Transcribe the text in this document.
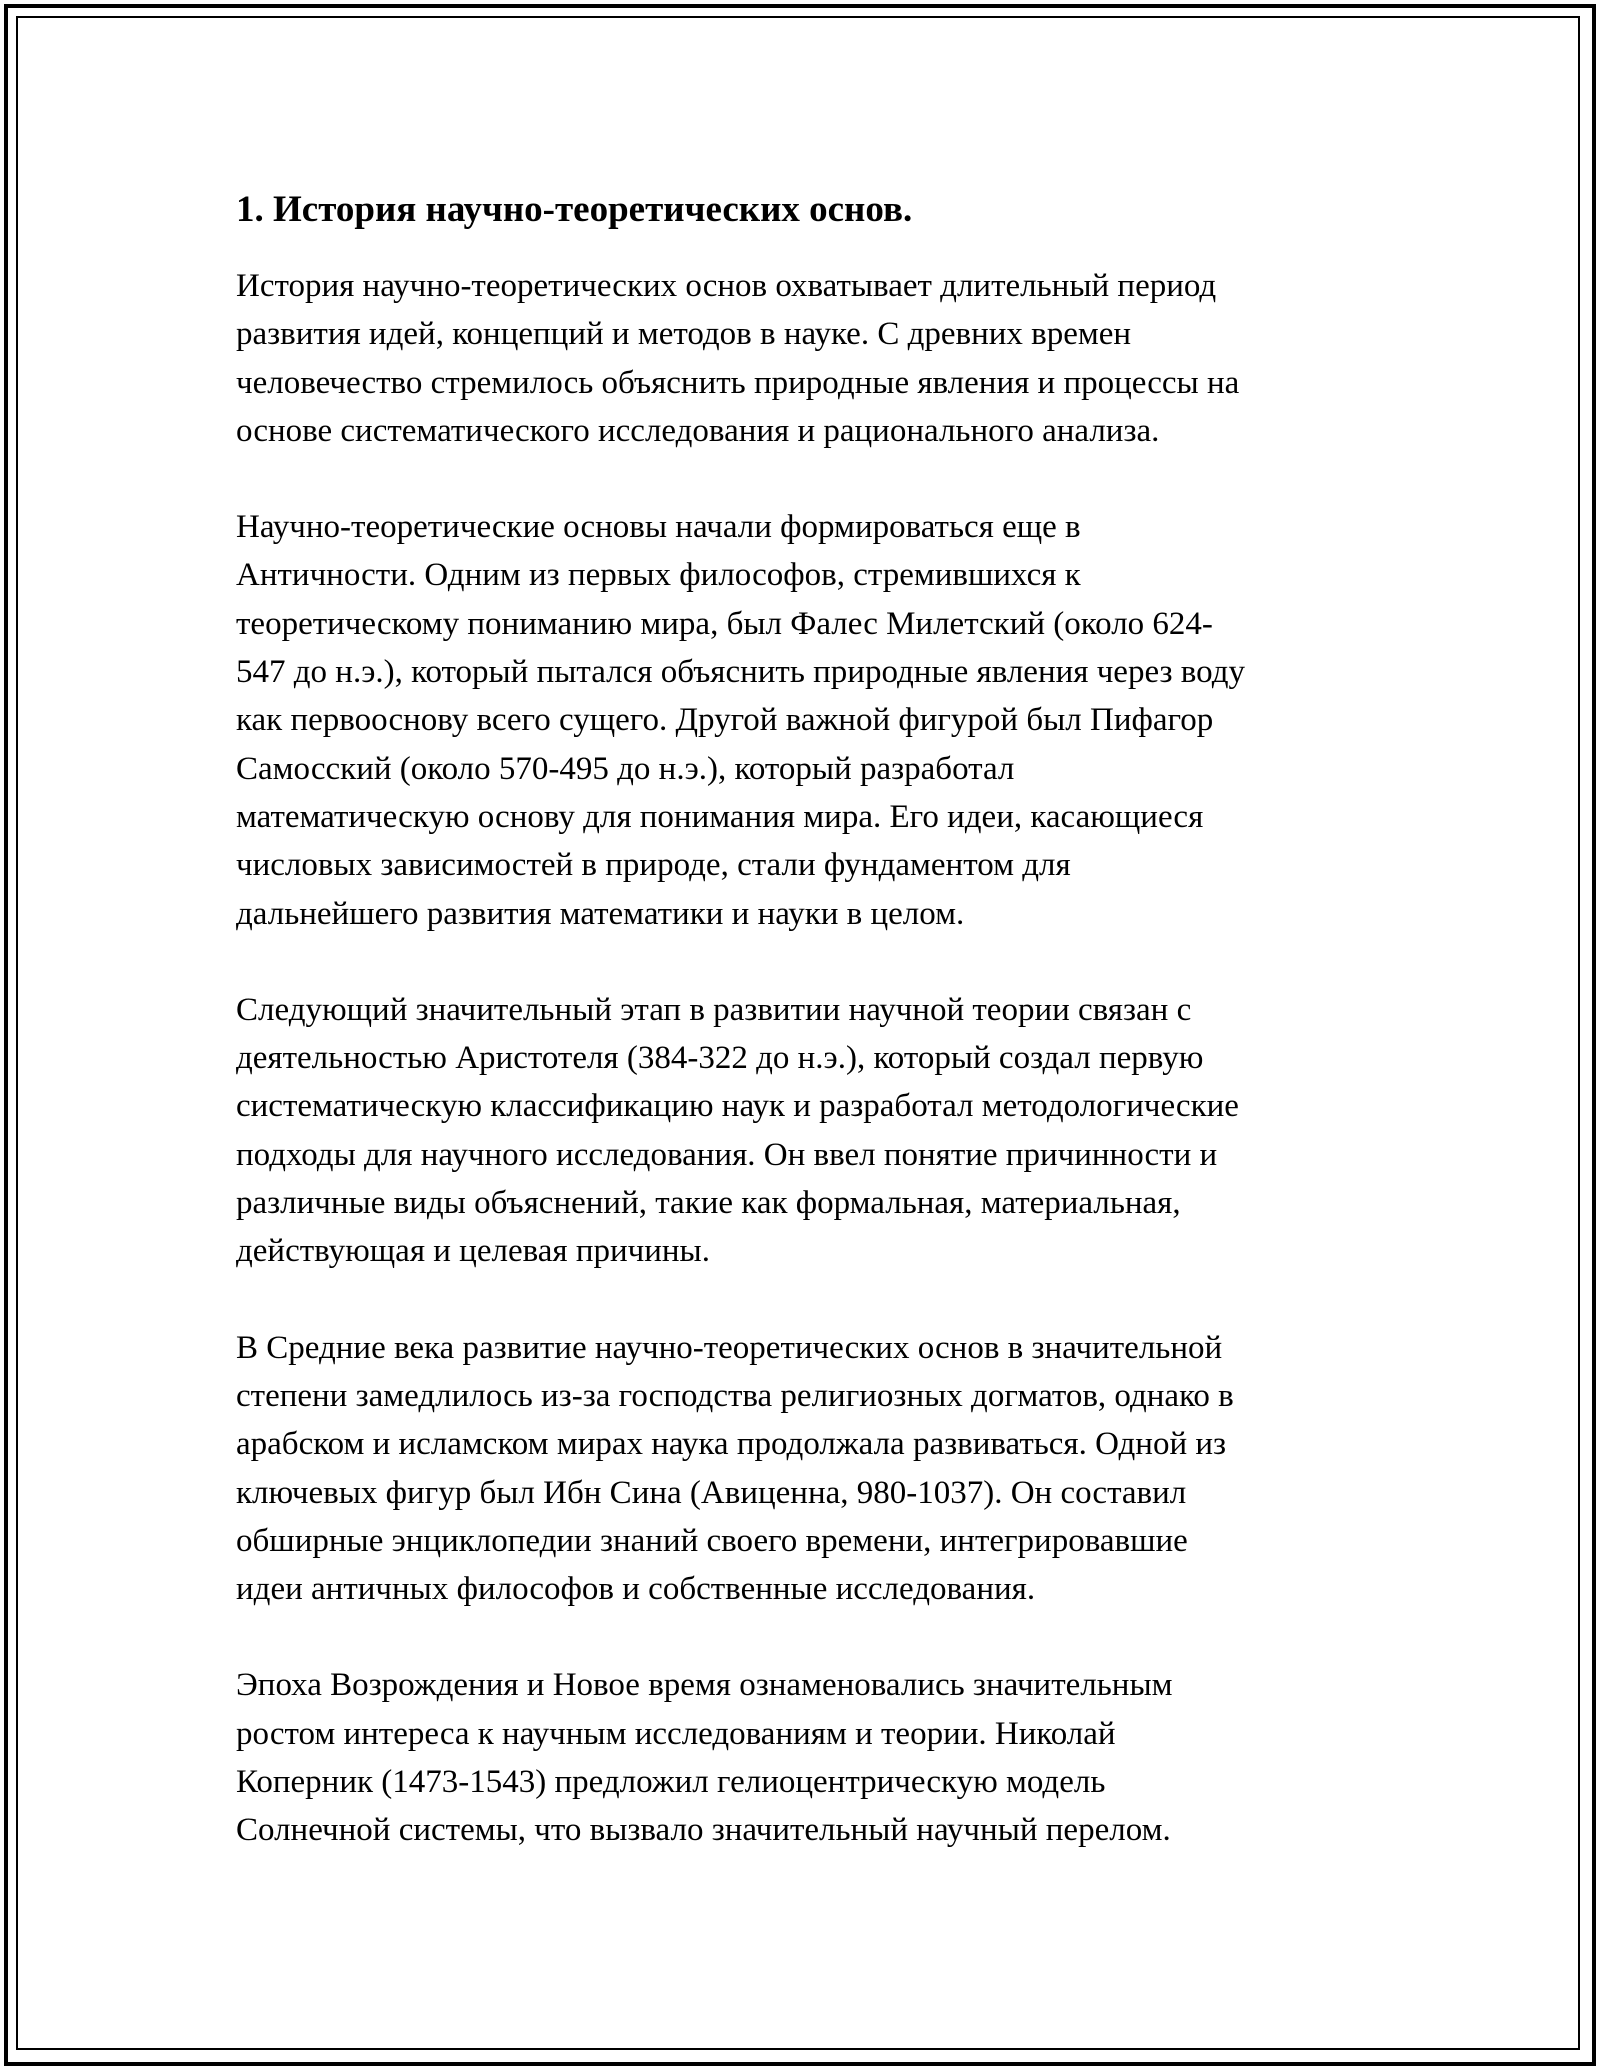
1. История научно-теоретических основ.
История научно-теоретических основ охватывает длительный период
развития идей, концепций и методов в науке. С древних времен
человечество стремилось объяснить природные явления и процессы на
основе систематического исследования и рационального анализа.
Научно-теоретические основы начали формироваться еще в
Античности. Одним из первых философов, стремившихся к
теоретическому пониманию мира, был Фалес Милетский (около 624-
547 до н.э.), который пытался объяснить природные явления через воду
как первооснову всего сущего. Другой важной фигурой был Пифагор
Самосский (около 570-495 до н.э.), который разработал
математическую основу для понимания мира. Его идеи, касающиеся
числовых зависимостей в природе, стали фундаментом для
дальнейшего развития математики и науки в целом.
Следующий значительный этап в развитии научной теории связан с
деятельностью Аристотеля (384-322 до н.э.), который создал первую
систематическую классификацию наук и разработал методологические
подходы для научного исследования. Он ввел понятие причинности и
различные виды объяснений, такие как формальная, материальная,
действующая и целевая причины.
В Средние века развитие научно-теоретических основ в значительной
степени замедлилось из-за господства религиозных догматов, однако в
арабском и исламском мирах наука продолжала развиваться. Одной из
ключевых фигур был Ибн Сина (Авиценна, 980-1037). Он составил
обширные энциклопедии знаний своего времени, интегрировавшие
идеи античных философов и собственные исследования.
Эпоха Возрождения и Новое время ознаменовались значительным
ростом интереса к научным исследованиям и теории. Николай
Коперник (1473-1543) предложил гелиоцентрическую модель
Солнечной системы, что вызвало значительный научный перелом.
